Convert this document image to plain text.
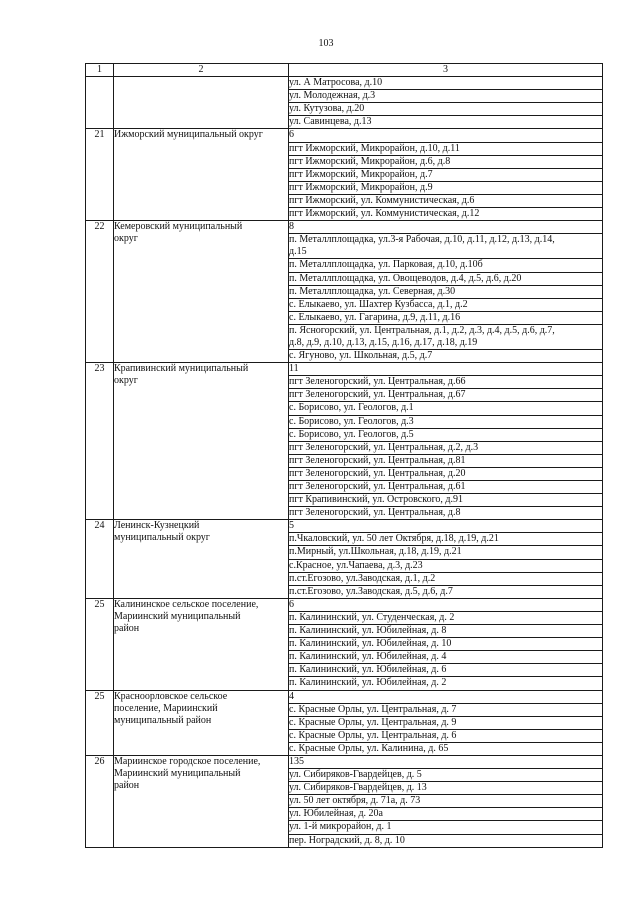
103
1	2	3

		ул. А Матросова, д.10

		ул. Молодежная, д.3

		ул. Кутузова, д.20

		ул. Савинцева, д.13

21	Ижморский муниципальный округ	6

		пгт Ижморский, Микрорайон, д.10, д.11

		пгт Ижморский, Микрорайон, д.6, д.8

		пгт Ижморский, Микрорайон, д.7

		пгт Ижморский, Микрорайон, д.9

		пгт Ижморский, ул. Коммунистическая, д.6

		пгт Ижморский, ул. Коммунистическая, д.12

22	Кемеровский муниципальный
округ	8

		п. Металлплощадка, ул.3-я Рабочая, д.10, д.11, д.12, д.13, д.14,
д.15

		п. Металлплощадка, ул. Парковая, д.10, д.10б

		п. Металлплощадка, ул. Овощеводов, д.4, д.5, д.6, д.20

		п. Металлплощадка, ул. Северная, д.30

		с. Елыкаево, ул. Шахтер Кузбасса, д.1, д.2

		с. Елыкаево, ул. Гагарина, д.9, д.11, д.16

		п. Ясногорский, ул. Центральная, д.1, д.2, д.3, д.4, д.5, д.6, д.7,
д.8, д.9, д.10, д.13, д.15, д.16, д.17, д.18, д.19

		с. Ягуново, ул. Школьная, д.5, д.7

23	Крапивинский муниципальный
округ	11

		пгт Зеленогорский, ул. Центральная, д.66

		пгт Зеленогорский, ул. Центральная, д.67

		с. Борисово, ул. Геологов, д.1

		с. Борисово, ул. Геологов, д.3

		с. Борисово, ул. Геологов, д.5

		пгт Зеленогорский, ул. Центральная, д.2, д.3

		пгт Зеленогорский, ул. Центральная, д.81

		пгт Зеленогорский, ул. Центральная, д.20

		пгт Зеленогорский, ул. Центральная, д.61

		пгт Крапивинский, ул. Островского, д.91

		пгт Зеленогорский, ул. Центральная, д.8

24	Ленинск-Кузнецкий
муниципальный округ	5

		п.Чкаловский, ул. 50 лет Октября, д.18, д.19, д.21

		п.Мирный, ул.Школьная, д.18, д.19, д.21

		с.Красное, ул.Чапаева, д.3, д.23

		п.ст.Егозово, ул.Заводская, д.1, д.2

		п.ст.Егозово, ул.Заводская, д.5, д.6, д.7

25	Калининское сельское поселение,
Мариинский муниципальный
район	6

		п. Калининский, ул. Студенческая, д. 2

		п. Калининский, ул. Юбилейная, д. 8

		п. Калининский, ул. Юбилейная, д. 10

		п. Калининский, ул. Юбилейная, д. 4

		п. Калининский, ул. Юбилейная, д. 6

		п. Калининский, ул. Юбилейная, д. 2

25	Красноорловское сельское
поселение, Мариинский
муниципальный район	4

		с. Красные Орлы, ул. Центральная, д. 7

		с. Красные Орлы, ул. Центральная, д. 9

		с. Красные Орлы, ул. Центральная, д. 6

		с. Красные Орлы, ул. Калинина, д. 65

26	Мариинское городское поселение,
Мариинский муниципальный
район	135

		ул. Сибиряков-Гвардейцев, д. 5

		ул. Сибиряков-Гвардейцев, д. 13

		ул. 50 лет октября, д. 71а, д. 73

		ул. Юбилейная, д. 20а

		ул. 1-й микрорайон, д. 1

		пер. Ноградский, д. 8, д. 10
